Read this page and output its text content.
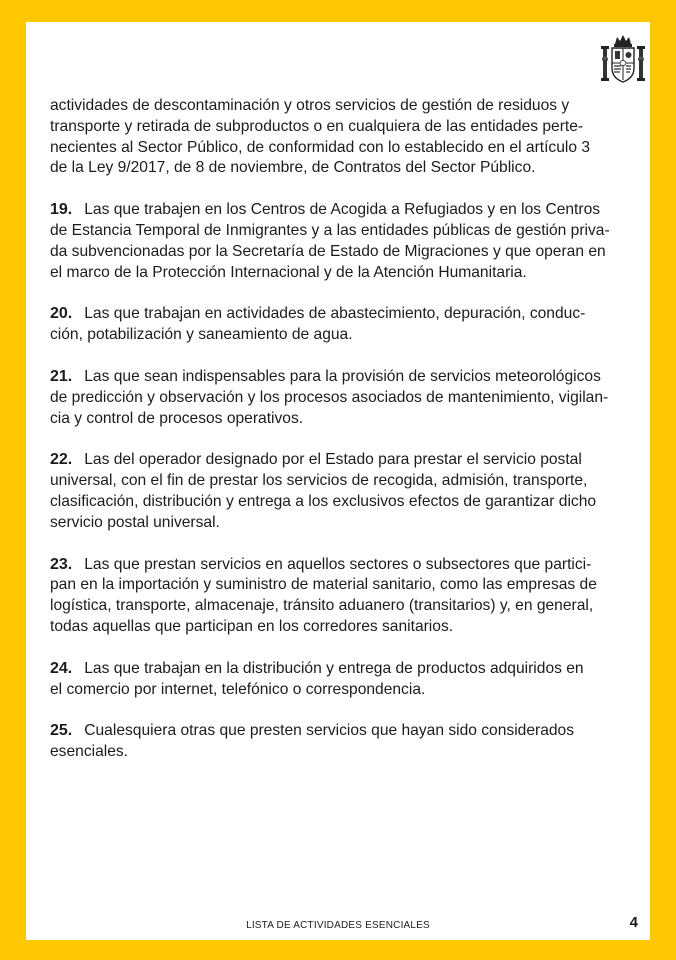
actividades de descontaminación y otros servicios de gestión de residuos y
transporte y retirada de subproductos o en cualquiera de las entidades perte-
necientes al Sector Público, de conformidad con lo establecido en el artículo 3
de la Ley 9/2017, de 8 de noviembre, de Contratos del Sector Público.

19. Las que trabajen en los Centros de Acogida a Refugiados y en los Centros
de Estancia Temporal de Inmigrantes y a las entidades públicas de gestión priva-
da subvencionadas por la Secretaría de Estado de Migraciones y que operan en
el marco de la Protección Internacional y de la Atención Humanitaria.

20. Las que trabajan en actividades de abastecimiento, depuración, conduc-
ción, potabilización y saneamiento de agua.

21. Las que sean indispensables para la provisión de servicios meteorológicos
de predicción y observación y los procesos asociados de mantenimiento, vigilan-
cia y control de procesos operativos.

22. Las del operador designado por el Estado para prestar el servicio postal
universal, con el fin de prestar los servicios de recogida, admisión, transporte,
clasificación, distribución y entrega a los exclusivos efectos de garantizar dicho
servicio postal universal.

23. Las que prestan servicios en aquellos sectores o subsectores que partici-
pan en la importación y suministro de material sanitario, como las empresas de
logística, transporte, almacenaje, tránsito aduanero (transitarios) y, en general,
todas aquellas que participan en los corredores sanitarios.

24. Las que trabajan en la distribución y entrega de productos adquiridos en
el comercio por internet, telefónico o correspondencia.

25. Cualesquiera otras que presten servicios que hayan sido considerados
esenciales.

LISTA DE ACTIVIDADES ESENCIALES	4
